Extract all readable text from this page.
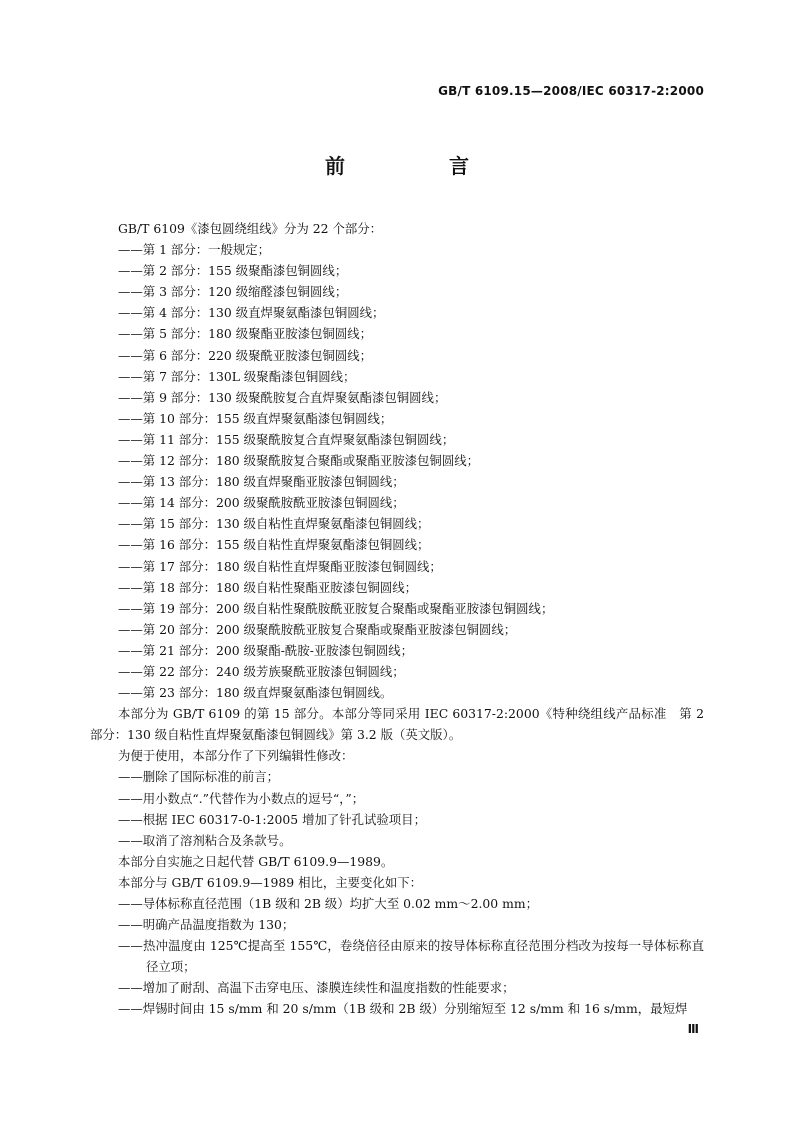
GB/T 6109.15—2008/IEC 60317-2:2000
前　言

GB/T 6109《漆包圆绕组线》分为 22 个部分：

——第 1 部分：一般规定；

——第 2 部分：155 级聚酯漆包铜圆线；

——第 3 部分：120 级缩醛漆包铜圆线；

——第 4 部分：130 级直焊聚氨酯漆包铜圆线；

——第 5 部分：180 级聚酯亚胺漆包铜圆线；

——第 6 部分：220 级聚酰亚胺漆包铜圆线；

——第 7 部分：130L 级聚酯漆包铜圆线；

——第 9 部分：130 级聚酰胺复合直焊聚氨酯漆包铜圆线；

——第 10 部分：155 级直焊聚氨酯漆包铜圆线；

——第 11 部分：155 级聚酰胺复合直焊聚氨酯漆包铜圆线；

——第 12 部分：180 级聚酰胺复合聚酯或聚酯亚胺漆包铜圆线；

——第 13 部分：180 级直焊聚酯亚胺漆包铜圆线；

——第 14 部分：200 级聚酰胺酰亚胺漆包铜圆线；

——第 15 部分：130 级自粘性直焊聚氨酯漆包铜圆线；

——第 16 部分：155 级自粘性直焊聚氨酯漆包铜圆线；

——第 17 部分：180 级自粘性直焊聚酯亚胺漆包铜圆线；

——第 18 部分：180 级自粘性聚酯亚胺漆包铜圆线；

——第 19 部分：200 级自粘性聚酰胺酰亚胺复合聚酯或聚酯亚胺漆包铜圆线；

——第 20 部分：200 级聚酰胺酰亚胺复合聚酯或聚酯亚胺漆包铜圆线；

——第 21 部分：200 级聚酯-酰胺-亚胺漆包铜圆线；

——第 22 部分：240 级芳族聚酰亚胺漆包铜圆线；

——第 23 部分：180 级直焊聚氨酯漆包铜圆线。

本部分为 GB/T 6109 的第 15 部分。本部分等同采用 IEC 60317-2:2000《特种绕组线产品标准　第 2 部分：130 级自粘性直焊聚氨酯漆包铜圆线》第 3.2 版（英文版）。

为便于使用，本部分作了下列编辑性修改：

——删除了国际标准的前言；

——用小数点“.”代替作为小数点的逗号“，”；

——根据 IEC 60317-0-1:2005 增加了针孔试验项目；

——取消了溶剂粘合及条款号。

本部分自实施之日起代替 GB/T 6109.9—1989。

本部分与 GB/T 6109.9—1989 相比，主要变化如下：

——导体标称直径范围（1B 级和 2B 级）均扩大至 0.02 mm～2.00 mm；

——明确产品温度指数为 130；

——热冲温度由 125℃提高至 155℃，卷绕倍径由原来的按导体标称直径范围分档改为按每一导体标称直径立项；

——增加了耐刮、高温下击穿电压、漆膜连续性和温度指数的性能要求；

——焊锡时间由 15 s/mm 和 20 s/mm（1B 级和 2B 级）分别缩短至 12 s/mm 和 16 s/mm，最短焊

Ⅲ
